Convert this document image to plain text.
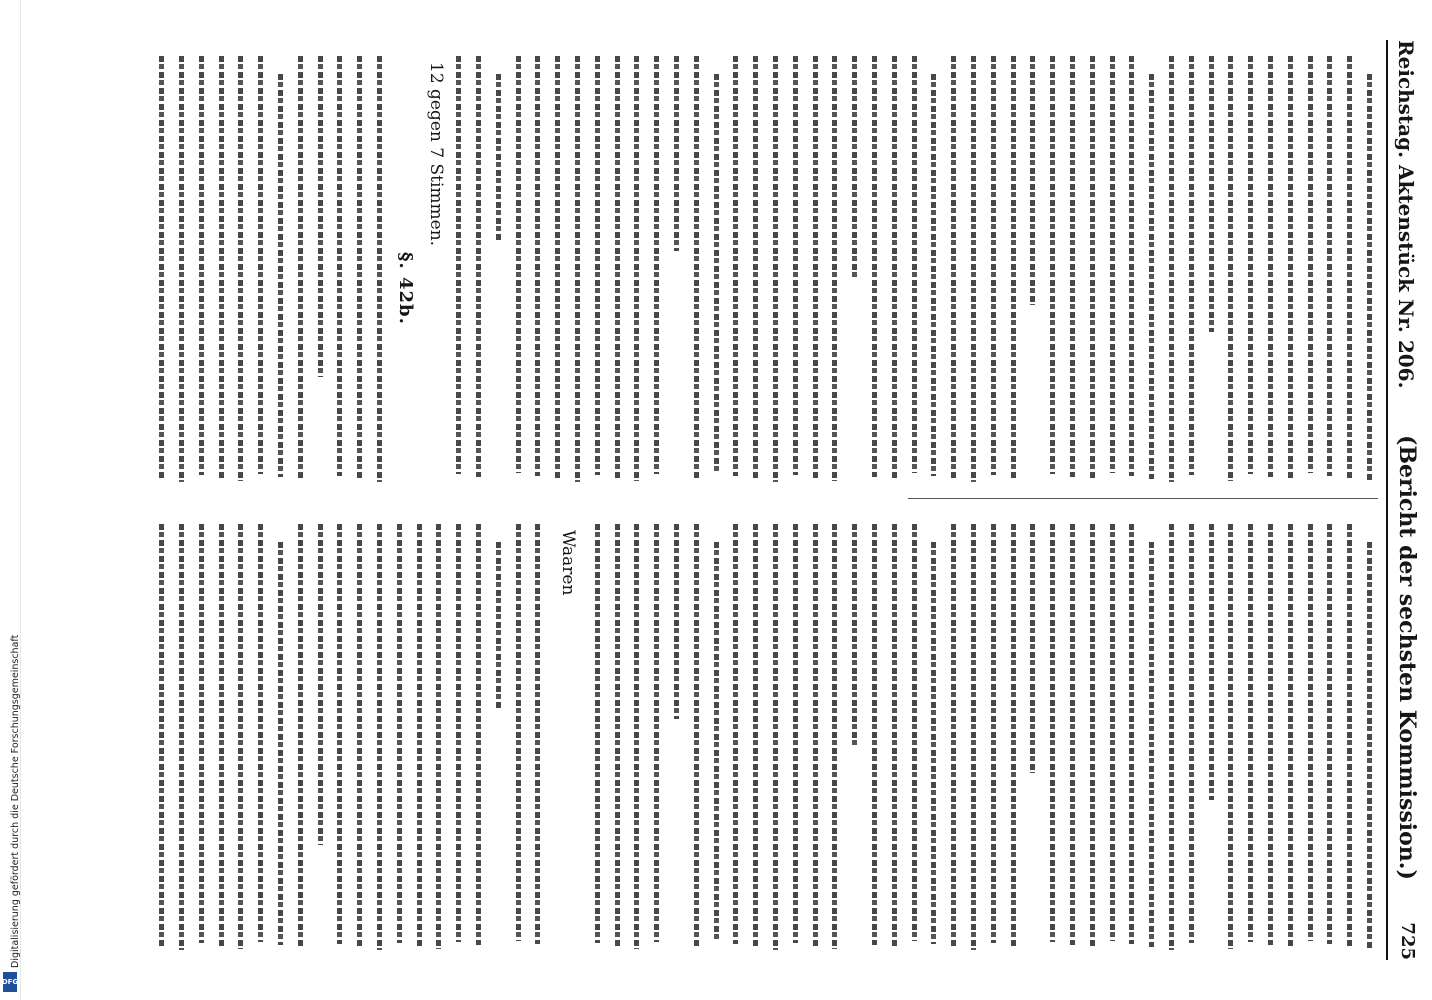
Digitalisierung gefördert durch die Deutsche Forschungsgemeinschaft
DFG
Reichstag. Aktenstück Nr. 206.
(Bericht der sechsten Kommission.)
725
§. 42b.
12 gegen 7 Stimmen.
Waaren
